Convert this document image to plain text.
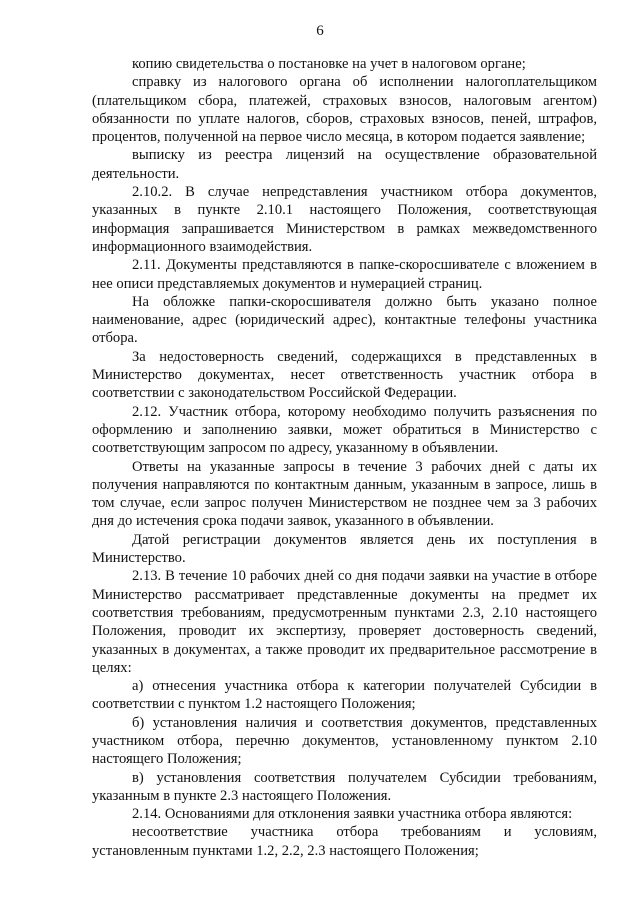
6

копию свидетельства о постановке на учет в налоговом органе;

справку из налогового органа об исполнении налогоплательщиком (плательщиком сбора, платежей, страховых взносов, налоговым агентом) обязанности по уплате налогов, сборов, страховых взносов, пеней, штрафов, процентов, полученной на первое число месяца, в котором подается заявление;

выписку из реестра лицензий на осуществление образовательной деятельности.

2.10.2. В случае непредставления участником отбора документов, указанных в пункте 2.10.1 настоящего Положения, соответствующая информация запрашивается Министерством в рамках межведомственного информационного взаимодействия.

2.11. Документы представляются в папке-скоросшивателе с вложением в нее описи представляемых документов и нумерацией страниц.

На обложке папки-скоросшивателя должно быть указано полное наименование, адрес (юридический адрес), контактные телефоны участника отбора.

За недостоверность сведений, содержащихся в представленных в Министерство документах, несет ответственность участник отбора в соответствии с законодательством Российской Федерации.

2.12. Участник отбора, которому необходимо получить разъяснения по оформлению и заполнению заявки, может обратиться в Министерство с соответствующим запросом по адресу, указанному в объявлении.

Ответы на указанные запросы в течение 3 рабочих дней с даты их получения направляются по контактным данным, указанным в запросе, лишь в том случае, если запрос получен Министерством не позднее чем за 3 рабочих дня до истечения срока подачи заявок, указанного в объявлении.

Датой регистрации документов является день их поступления в Министерство.

2.13. В течение 10 рабочих дней со дня подачи заявки на участие в отборе Министерство рассматривает представленные документы на предмет их соответствия требованиям, предусмотренным пунктами 2.3, 2.10 настоящего Положения, проводит их экспертизу, проверяет достоверность сведений, указанных в документах, а также проводит их предварительное рассмотрение в целях:

а) отнесения участника отбора к категории получателей Субсидии в соответствии с пунктом 1.2 настоящего Положения;

б) установления наличия и соответствия документов, представленных участником отбора, перечню документов, установленному пунктом 2.10 настоящего Положения;

в) установления соответствия получателем Субсидии требованиям, указанным в пункте 2.3 настоящего Положения.

2.14. Основаниями для отклонения заявки участника отбора являются:

несоответствие участника отбора требованиям и условиям, установленным пунктами 1.2, 2.2, 2.3 настоящего Положения;
